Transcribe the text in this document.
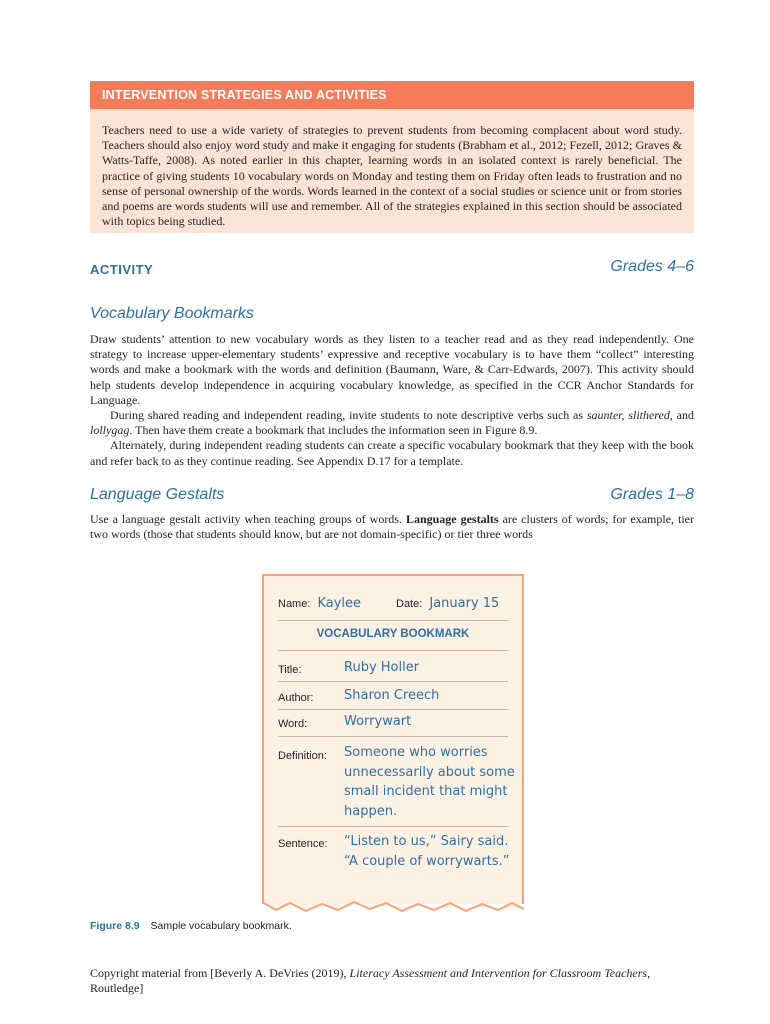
INTERVENTION STRATEGIES AND ACTIVITIES
Teachers need to use a wide variety of strategies to prevent students from becoming complacent about word study. Teachers should also enjoy word study and make it engaging for students (Brabham et al., 2012; Fezell, 2012; Graves & Watts-Taffe, 2008). As noted earlier in this chapter, learning words in an isolated context is rarely beneficial. The practice of giving students 10 vocabulary words on Monday and testing them on Friday often leads to frustration and no sense of personal ownership of the words. Words learned in the context of a social studies or science unit or from stories and poems are words students will use and remember. All of the strategies explained in this section should be associated with topics being studied.
ACTIVITY	Grades 4–6
Vocabulary Bookmarks

Draw students’ attention to new vocabulary words as they listen to a teacher read and as they read independently. One strategy to increase upper-elementary students’ expressive and receptive vocabulary is to have them “collect” interesting words and make a bookmark with the words and definition (Baumann, Ware, & Carr-Edwards, 2007). This activity should help students develop independence in acquiring vocabulary knowledge, as specified in the CCR Anchor Standards for Language.

During shared reading and independent reading, invite students to note descriptive verbs such as saunter, slithered, and lollygag. Then have them create a bookmark that includes the information seen in Figure 8.9.

Alternately, during independent reading students can create a specific vocabulary bookmark that they keep with the book and refer back to as they continue reading. See Appendix D.17 for a template.

Language Gestalts	Grades 1–8

Use a language gestalt activity when teaching groups of words. Language gestalts are clusters of words; for example, tier two words (those that students should know, but are not domain-specific) or tier three words

Name: Kaylee	Date: January 15
VOCABULARY BOOKMARK
Title:	Ruby Holler
Author: Sharon Creech
Word:	Worrywart
Definition: Someone who worries
unnecessarily about some
small incident that might
happen.
Sentence: “Listen to us,” Sairy said.
“A couple of worrywarts.”
Figure 8.9 Sample vocabulary bookmark.
Copyright material from [Beverly A. DeVries (2019), Literacy Assessment and Intervention for Classroom Teachers, Routledge]
